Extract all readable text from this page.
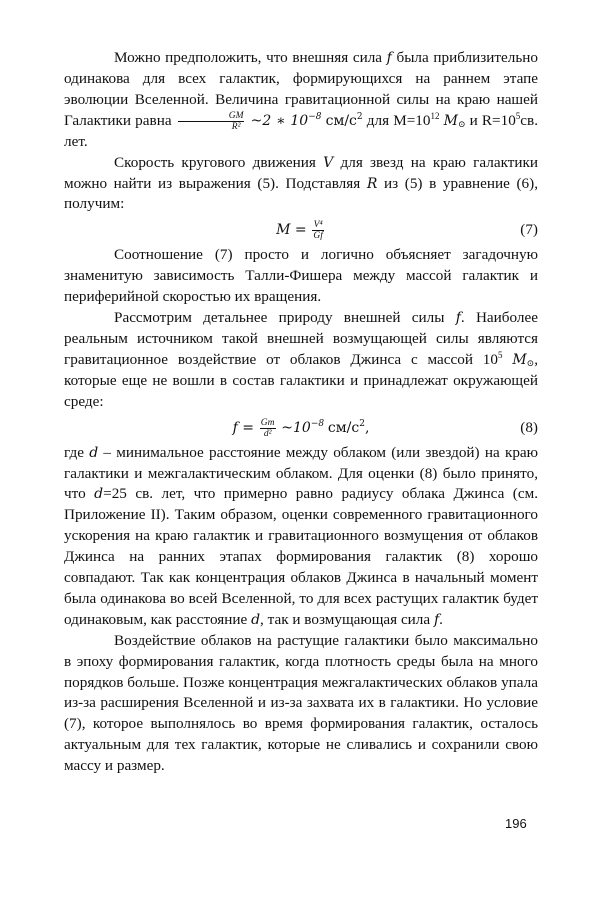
Можно предположить, что внешняя сила f была приблизительно одинакова для всех галактик, формирующихся на раннем этапе эволюции Вселенной. Величина гравитационной силы на краю нашей Галактики равна $\frac{GM}{\text{R²}}$ ~2 ∗ $10^{-8}$ $см/с^2$ для $М=10^{12}$ $M_⊙$ и $R=10^5св$. лет.

Скорость кругового движения V для звезд на краю галактики можно найти из выражения (5). Подставляя R из (5) в уравнение (6), получим:

$M = \frac{\text{V⁴}}{Gf}$	(7)

Соотношение (7) просто и логично объясняет загадочную знаменитую зависимость Талли-Фишера между массой галактик и периферийной скоростью их вращения.

Рассмотрим детальнее природу внешней силы f. Наиболее реальным источником такой внешней возмущающей силы являются гравитационное воздействие от облаков Джинса с массой $10^5$ $M_⊙$, которые еще не вошли в состав галактики и принадлежат окружающей среде:

$f = \frac{Gm}{\text{d²}}$ $\sim 10^{-8}$ $см/с^2$,	(8)

где d – минимальное расстояние между облаком (или звездой) на краю галактики и межгалактическим облаком. Для оценки (8) было принято, что d=25 св. лет, что примерно равно радиусу облака Джинса (см. Приложение II). Таким образом, оценки современного гравитационного ускорения на краю галактик и гравитационного возмущения от облаков Джинса на ранних этапах формирования галактик (8) хорошо совпадают. Так как концентрация облаков Джинса в начальный момент была одинакова во всей Вселенной, то для всех растущих галактик будет одинаковым, как расстояние d, так и возмущающая сила f.

Воздействие облаков на растущие галактики было максимально в эпоху формирования галактик, когда плотность среды была на много порядков больше. Позже концентрация межгалактических облаков упала из-за расширения Вселенной и из-за захвата их в галактики. Но условие (7), которое выполнялось во время формирования галактик, осталось актуальным для тех галактик, которые не сливались и сохранили свою массу и размер.

196
